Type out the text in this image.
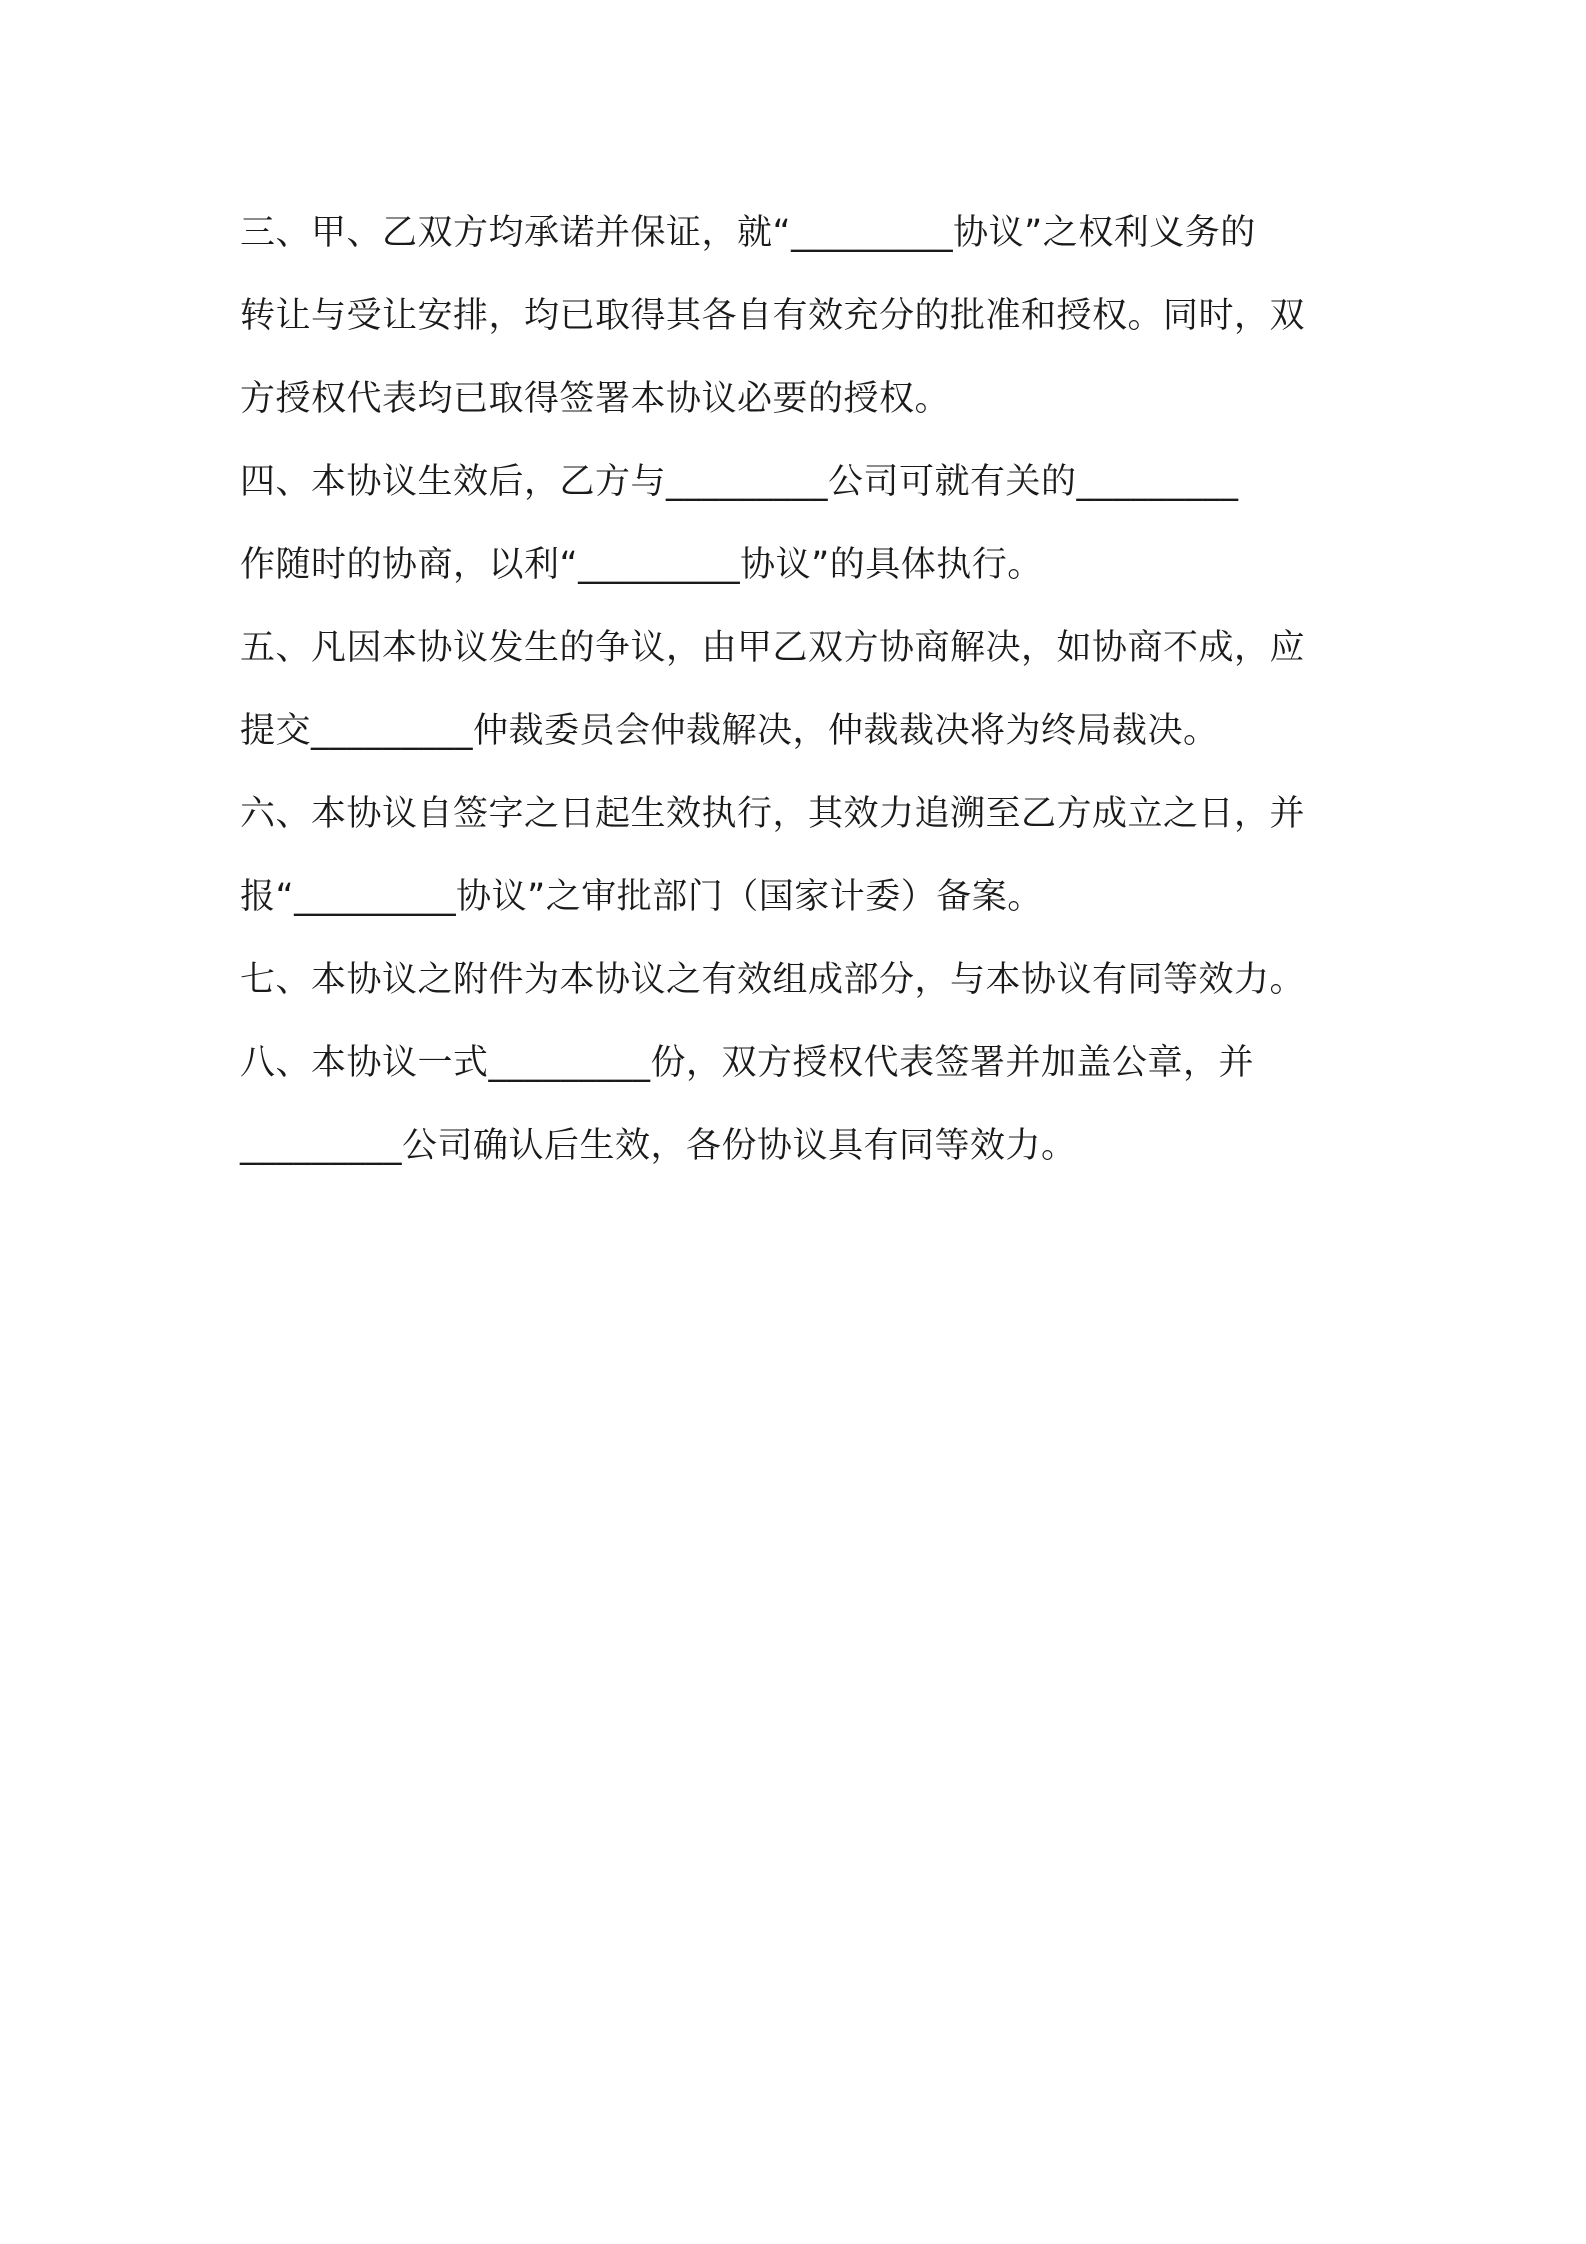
三、甲、乙双方均承诺并保证，就“_________协议”之权利义务的
转让与受让安排，均已取得其各自有效充分的批准和授权。同时，双
方授权代表均已取得签署本协议必要的授权。
四、本协议生效后，乙方与_________公司可就有关的_________
作随时的协商，以利“_________协议”的具体执行。
五、凡因本协议发生的争议，由甲乙双方协商解决，如协商不成，应
提交_________仲裁委员会仲裁解决，仲裁裁决将为终局裁决。
六、本协议自签字之日起生效执行，其效力追溯至乙方成立之日，并
报“_________协议”之审批部门（国家计委）备案。
七、本协议之附件为本协议之有效组成部分，与本协议有同等效力。
八、本协议一式_________份，双方授权代表签署并加盖公章，并
_________公司确认后生效，各份协议具有同等效力。
